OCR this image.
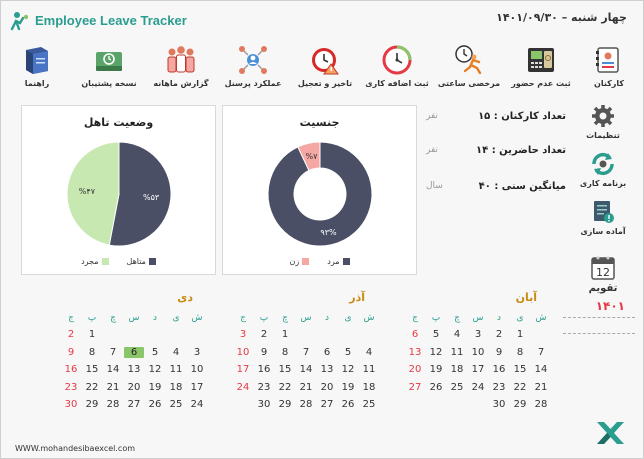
Employee Leave Tracker	چهار شنبه – ۱۴۰۱/۰۹/۳۰
کارکنان
ثبت عدم حضور
مرخصی ساعتی
ثبت اضافه کاری
تاخیر و تعجیل
عملکرد پرسنل
گزارش ماهانه
نسخه پشتیبان
راهنما
تنظیمات
برنامه کاری
آماده سازی
12
تقویم
۱۴۰۱
تعداد کارکنان : ۱۵
نفر
تعداد حاضرین : ۱۴
نفر
میانگین سنی : ۴۰
سال
جنسیت
۹۳%
%۷
مرد
زن
وضعیت تاهل
%۵۳
%۴۷
متاهل
مجرد
آبان
ش
ی
د
س
چ
پ
ج
1
2
3
4
5
6
7
8
9
10
11
12
13
14
15
16
17
18
19
20
21
22
23
24
25
26
27
28
29
30
آذر
ش
ی
د
س
چ
پ
ج
1
2
3
4
5
6
7
8
9
10
11
12
13
14
15
16
17
18
19
20
21
22
23
24
25
26
27
28
29
30
دی
ش
ی
د
س
چ
پ
ج
1
2
3
4
5
6
7
8
9
10
11
12
13
14
15
16
17
18
19
20
21
22
23
24
25
26
27
28
29
30
WWW.mohandesibaexcel.com
